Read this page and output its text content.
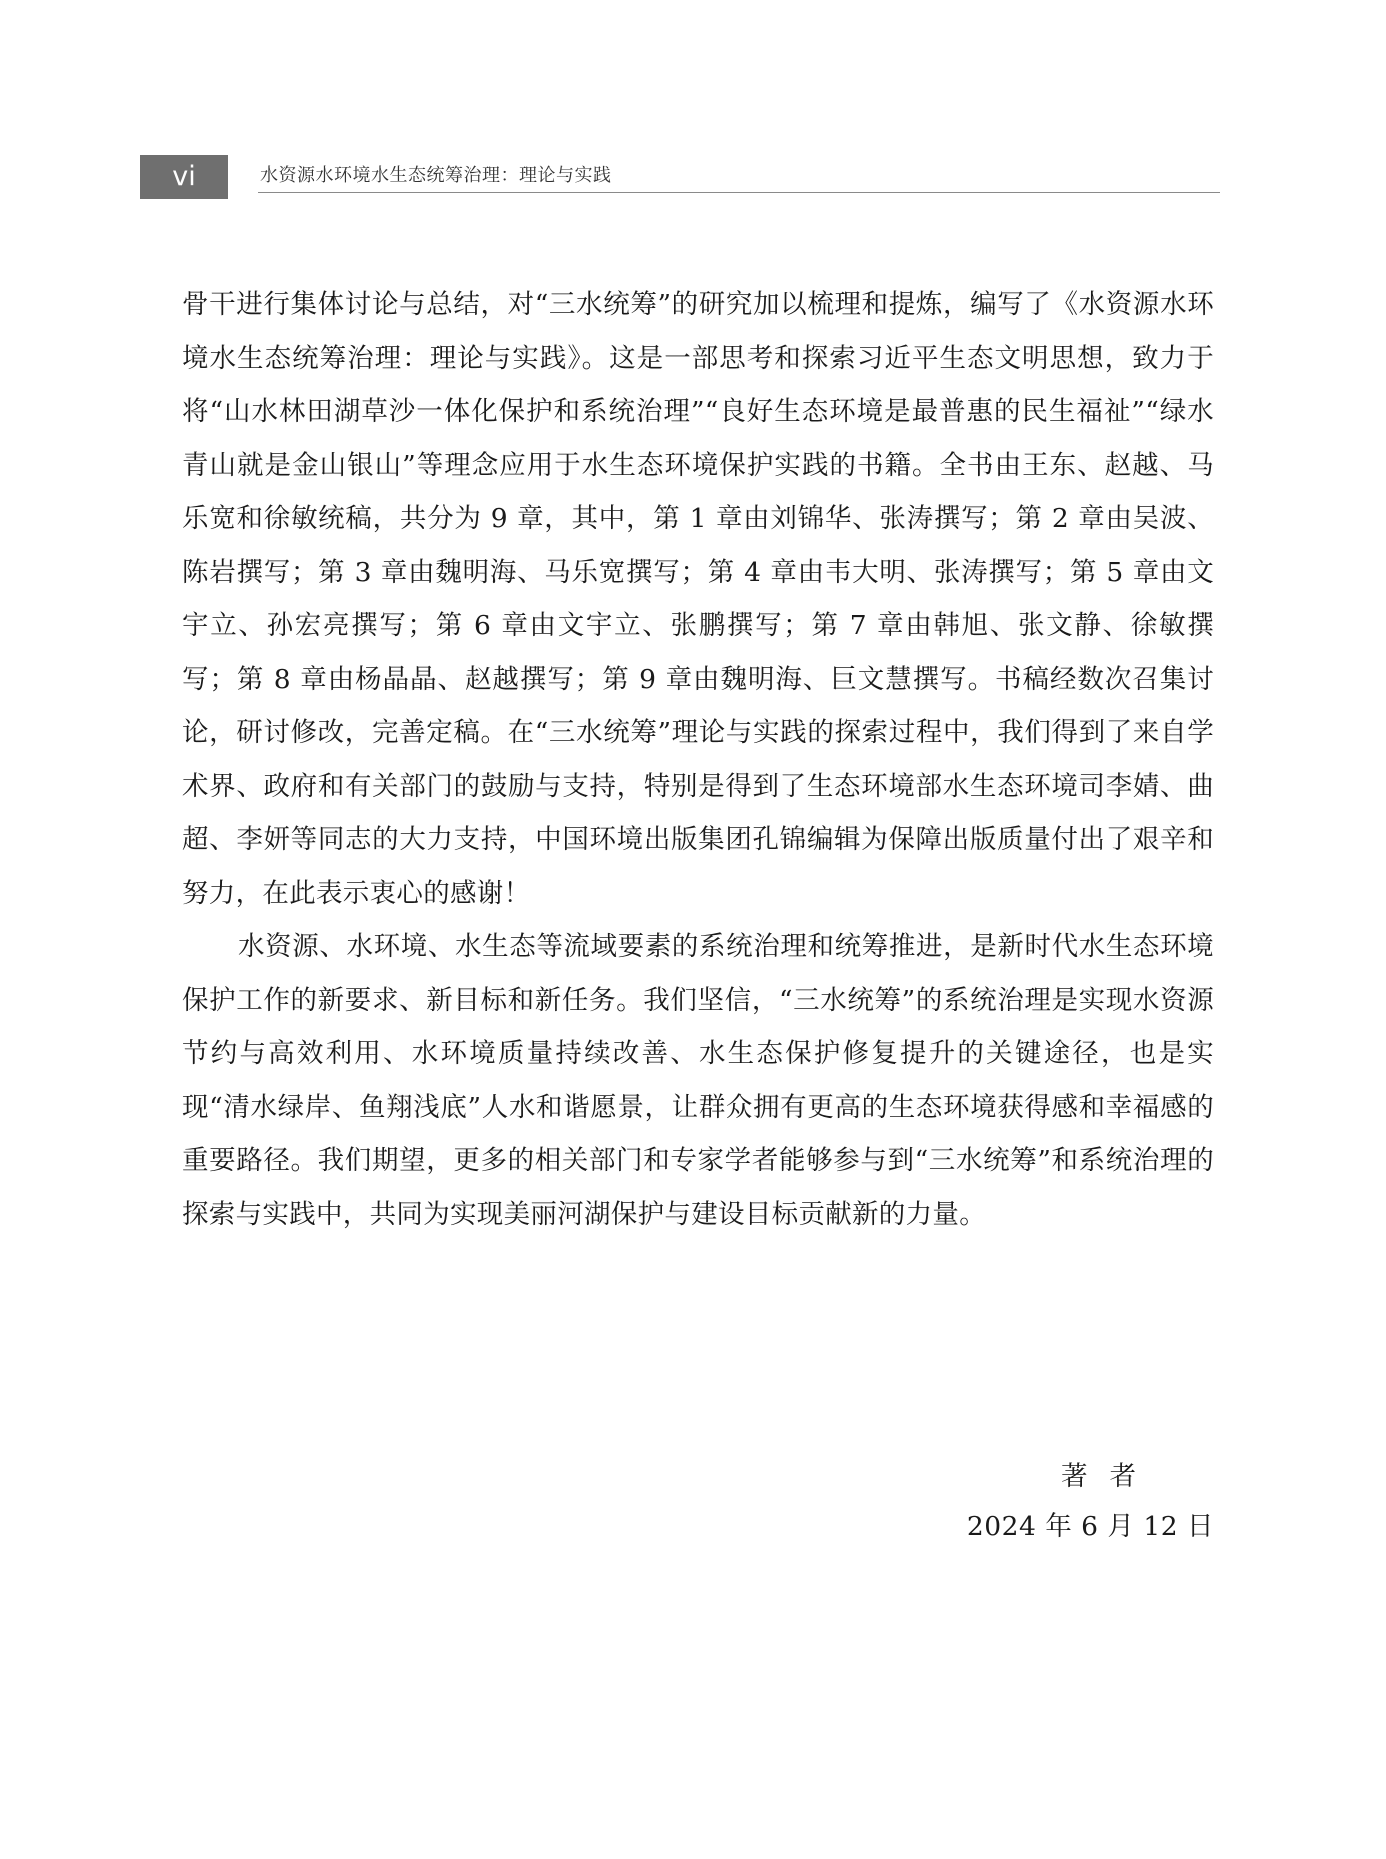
vi	水资源水环境水生态统筹治理：理论与实践

骨干进行集体讨论与总结，对“三水统筹”的研究加以梳理和提炼，编写了《水资源水环境水生态统筹治理：理论与实践》。这是一部思考和探索习近平生态文明思想，致力于将“山水林田湖草沙一体化保护和系统治理”“良好生态环境是最普惠的民生福祉”“绿水青山就是金山银山”等理念应用于水生态环境保护实践的书籍。全书由王东、赵越、马乐宽和徐敏统稿，共分为 9 章，其中，第 1 章由刘锦华、张涛撰写；第 2 章由吴波、陈岩撰写；第 3 章由魏明海、马乐宽撰写；第 4 章由韦大明、张涛撰写；第 5 章由文宇立、孙宏亮撰写；第 6 章由文宇立、张鹏撰写；第 7 章由韩旭、张文静、徐敏撰写；第 8 章由杨晶晶、赵越撰写；第 9 章由魏明海、巨文慧撰写。书稿经数次召集讨论，研讨修改，完善定稿。在“三水统筹”理论与实践的探索过程中，我们得到了来自学术界、政府和有关部门的鼓励与支持，特别是得到了生态环境部水生态环境司李婧、曲超、李妍等同志的大力支持，中国环境出版集团孔锦编辑为保障出版质量付出了艰辛和努力，在此表示衷心的感谢！

水资源、水环境、水生态等流域要素的系统治理和统筹推进，是新时代水生态环境保护工作的新要求、新目标和新任务。我们坚信，“三水统筹”的系统治理是实现水资源节约与高效利用、水环境质量持续改善、水生态保护修复提升的关键途径，也是实现“清水绿岸、鱼翔浅底”人水和谐愿景，让群众拥有更高的生态环境获得感和幸福感的重要路径。我们期望，更多的相关部门和专家学者能够参与到“三水统筹”和系统治理的探索与实践中，共同为实现美丽河湖保护与建设目标贡献新的力量。

著者
2024 年 6 月 12 日
